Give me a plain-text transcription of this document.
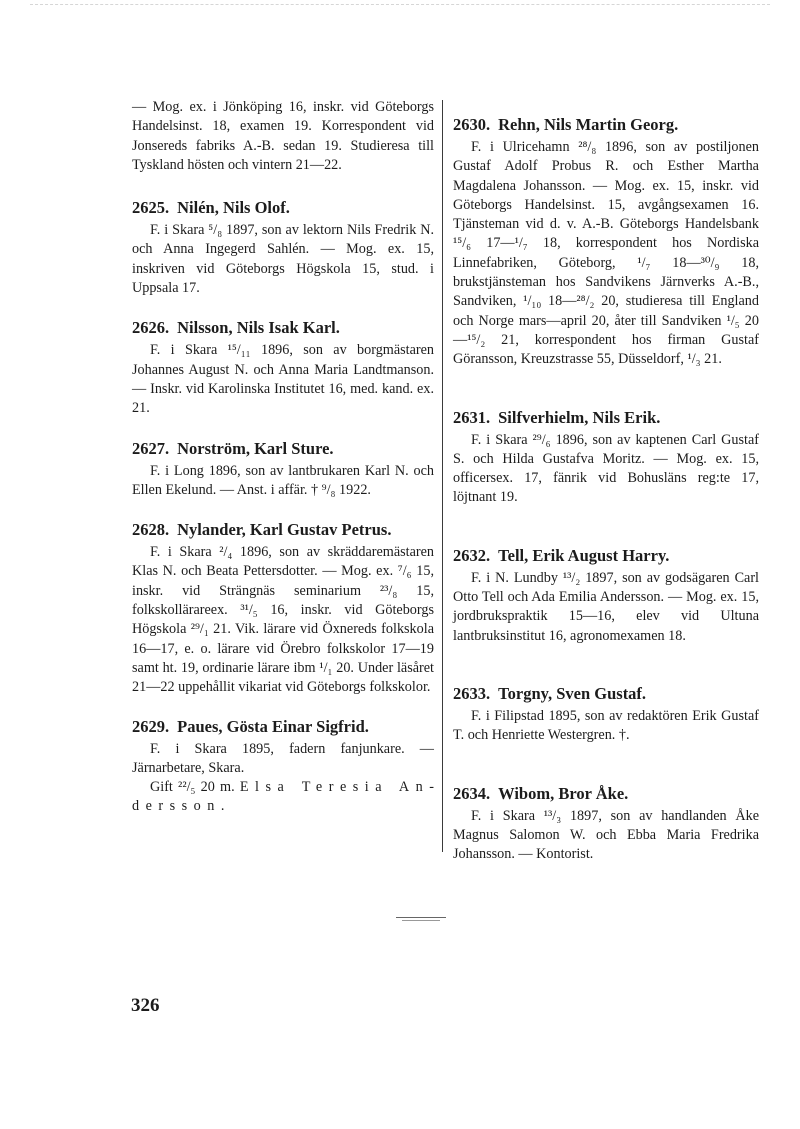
— Mog. ex. i Jönköping 16, inskr. vid Göteborgs Handelsinst. 18, examen 19. Korrespondent vid Jonsereds fabriks A.-B. sedan 19. Studieresa till Tyskland hösten och vintern 21—22.

2625. Nilén, Nils Olof.

F. i Skara ⁵/₈ 1897, son av lektorn Nils Fredrik N. och Anna Ingegerd Sahlén. — Mog. ex. 15, inskriven vid Göteborgs Högskola 15, stud. i Uppsala 17.

2626. Nilsson, Nils Isak Karl.

F. i Skara ¹⁵/₁₁ 1896, son av borgmästaren Johannes August N. och Anna Maria Landtmanson. — Inskr. vid Karolinska Institutet 16, med. kand. ex. 21.

2627. Norström, Karl Sture.

F. i Long 1896, son av lantbrukaren Karl N. och Ellen Ekelund. — Anst. i affär. † ⁹/₈ 1922.

2628. Nylander, Karl Gustav Petrus.

F. i Skara ²/₄ 1896, son av skräddaremästaren Klas N. och Beata Pettersdotter. — Mog. ex. ⁷/₆ 15, inskr. vid Strängnäs seminarium ²³/₈ 15, folkskollärareex. ³¹/₅ 16, inskr. vid Göteborgs Högskola ²⁹/₁ 21. Vik. lärare vid Öxnereds folkskola 16—17, e. o. lärare vid Örebro folkskolor 17—19 samt ht. 19, ordinarie lärare ibm ¹/₁ 20. Under läsåret 21—22 uppehållit vikariat vid Göteborgs folkskolor.

2629. Paues, Gösta Einar Sigfrid.

F. i Skara 1895, fadern fanjunkare. — Järnarbetare, Skara.

Gift ²²/₅ 20 m. Elsa Teresia Andersson.

2630. Rehn, Nils Martin Georg.

F. i Ulricehamn ²⁸/₈ 1896, son av postiljonen Gustaf Adolf Probus R. och Esther Martha Magdalena Johansson. — Mog. ex. 15, inskr. vid Göteborgs Handelsinst. 15, avgångsexamen 16. Tjänsteman vid d. v. A.-B. Göteborgs Handelsbank ¹⁵/₆ 17—¹/₇ 18, korrespondent hos Nordiska Linnefabriken, Göteborg, ¹/₇ 18—³⁰/₉ 18, brukstjänsteman hos Sandvikens Järnverks A.-B., Sandviken, ¹/₁₀ 18—²⁸/₂ 20, studieresa till England och Norge mars—april 20, åter till Sandviken ¹/₅ 20—¹⁵/₂ 21, korrespondent hos firman Gustaf Göransson, Kreuzstrasse 55, Düsseldorf, ¹/₃ 21.

2631. Silfverhielm, Nils Erik.

F. i Skara ²⁹/₆ 1896, son av kaptenen Carl Gustaf S. och Hilda Gustafva Moritz. — Mog. ex. 15, officersex. 17, fänrik vid Bohusläns reg:te 17, löjtnant 19.

2632. Tell, Erik August Harry.

F. i N. Lundby ¹³/₂ 1897, son av godsägaren Carl Otto Tell och Ada Emilia Andersson. — Mog. ex. 15, jordbrukspraktik 15—16, elev vid Ultuna lantbruksinstitut 16, agronomexamen 18.

2633. Torgny, Sven Gustaf.

F. i Filipstad 1895, son av redaktören Erik Gustaf T. och Henriette Westergren. †.

2634. Wibom, Bror Åke.

F. i Skara ¹³/₃ 1897, son av handlanden Åke Magnus Salomon W. och Ebba Maria Fredrika Johansson. — Kontorist.

326
